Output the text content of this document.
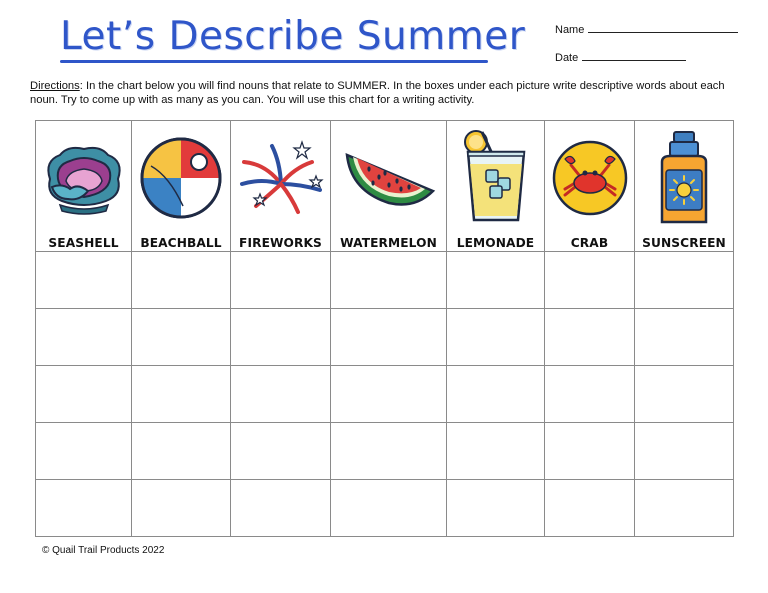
Let’s Describe Summer	Name
Date

Directions: In the chart below you will find nouns that relate to SUMMER. In the boxes under each picture write descriptive words about each noun. Try to come up with as many as you can. You will use this chart for a writing activity.

SEASHELL	BEACHBALL	FIREWORKS	WATERMELON	LEMONADE	CRAB	SUNSCREEN

© Quail Trail Products 2022
